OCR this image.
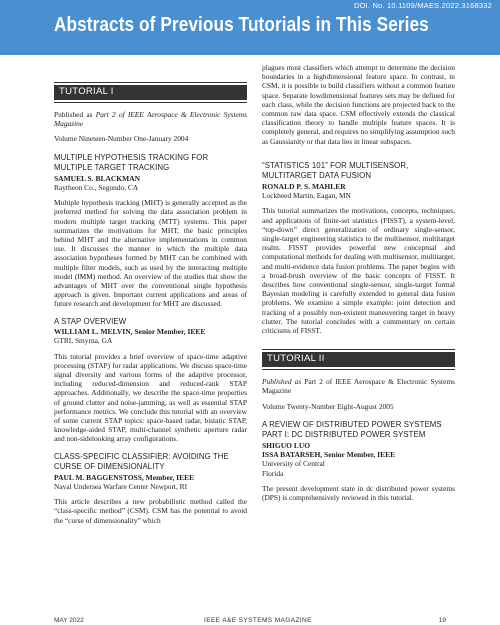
DOI. No. 10.1109/MAES.2022.3168332
Abstracts of Previous Tutorials in This Series
TUTORIAL I

Published as Part 2 of IEEE Aerospace & Electronic Systems Magazine

Volume Nineteen-Number One-January 2004

MULTIPLE HYPOTHESIS TRACKING FOR MULTIPLE TARGET TRACKING
SAMUEL S. BLACKMAN
Raytheon Co., Segundo, CA

Multiple hypothesis tracking (MHT) is generally accepted as the preferred method for solving the data association problem in modern multiple target tracking (MTT) systems. This paper summarizes the motivations for MHT, the basic principles behind MHT and the alternative implementations in common use. It discusses the manner in which the multiple data association hypotheses formed by MHT can be combined with multiple filter models, such as used by the interacting multiple model (IMM) method. An overview of the studies that show the advantages of MHT over the conventional single hypothesis approach is given. Important current applications and areas of future research and development for MHT are discussed.

A STAP OVERVIEW
WILLIAM L. MELVIN, Senior Member, IEEE
GTRI, Smyrna, GA

This tutorial provides a brief overview of space-time adaptive processing (STAP) for radar applications. We discuss space-time signal diversity and various forms of the adaptive processor, including reduced-dimension and reduced-rank STAP approaches. Additionally, we describe the space-time properties of ground clutter and noise-jamming, as well as essential STAP performance metrics. We conclude this tutorial with an overview of some current STAP topics: space-based radar, bistatic STAP, knowledge-aided STAP, multi-channel synthetic aperture radar and non-sidelooking array configurations.

CLASS-SPECIFIC CLASSIFIER: AVOIDING THE CURSE OF DIMENSIONALITY
PAUL M. BAGGENSTOSS, Member, IEEE
Naval Undersea Warfare Center Newport, RI

This article describes a new probabilistic method called the “class-specific method” (CSM). CSM has the potential to avoid the “curse of dimensionality” which

plagues most classifiers which attempt to determine the decision boundaries in a highdimensional feature space. In contrast, in CSM, it is possible to build classifiers without a common feature space. Separate lowdimensional features sets may be defined for each class, while the decision functions are projected back to the common raw data space. CSM effectively extends the classical classification theory to handle multiple feature spaces. It is completely general, and requires no simplifying assumption such as Gaussianity or that data lies in linear subspaces.

“STATISTICS 101” FOR MULTISENSOR, MULTITARGET DATA FUSION
RONALD P. S. MAHLER
Lockheed Martin, Eagan, MN

This tutorial summarizes the motivations, concepts, techniques, and applications of finite-set statistics (FISST), a system-level, “top-down” direct generalization of ordinary single-sensor, single-target engineering statistics to the multisensor, multitarget realm. FISST provides powerful new conceptual and computational methods for dealing with multisensor, multitarget, and multi-evidence data fusion problems. The paper begins with a broad-brush overview of the basic concepts of FISST. It describes how conventional single-sensor, single-target formal Bayesian modeling is carefully extended to general data fusion problems. We examine a simple example: joint detection and tracking of a possibly non-existent maneuvering target in heavy clutter. The tutorial concludes with a commentary on certain criticisms of FISST.

TUTORIAL II

Published as Part 2 of IEEE Aerospace & Electronic Systems Magazine

Volume Twenty-Number Eight-August 2005

A REVIEW OF DISTRIBUTED POWER SYSTEMS PART I: DC DISTRIBUTED POWER SYSTEM
SHIGUO LUO
ISSA BATARSEH, Senior Member, IEEE
University of Central
Florida

The present development state in dc distributed power systems (DPS) is comprehensively reviewed in this tutorial.

MAY 2022	IEEE A&E SYSTEMS MAGAZINE	19
